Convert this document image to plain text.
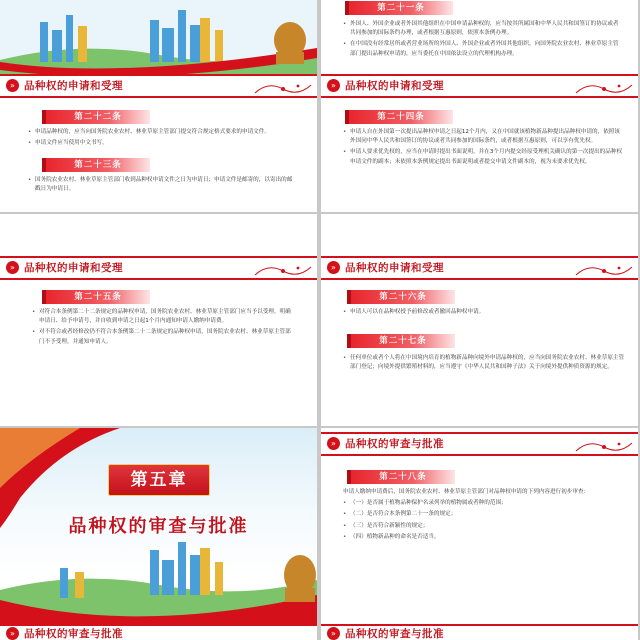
» 品种权的申请和受理
第二十二条

• 申请品种权的，应当向国务院农业农村、林业草原主管部门提交符合规定格式要求的申请文件。

• 申请文件应当使用中文书写。

第二十三条

• 国务院农业农村、林业草原主管部门收到品种权申请文件之日为申请日；申请文件是邮寄的，以寄出的邮戳日为申请日。

第二十一条

• 外国人、外国企业或者外国其他组织在中国申请品种权的，应当按其所属国和中华人民共和国签订的协议或者共同参加的国际条约办理，或者根据互惠原则，依照本条例办理。

• 在中国没有经常居所或者营业场所的外国人、外国企业或者外国其他组织，向国务院农业农村、林业草原主管部门提出品种权申请的，应当委托在中国依法设立的代理机构办理。

» 品种权的申请和受理
第二十四条

• 申请人自在外国第一次提出品种权申请之日起12个月内，又在中国就该植物新品种提出品种权申请的，依照该外国同中华人民共和国签订的协议或者共同参加的国际条约，或者根据互惠原则，可以享有优先权。

• 申请人要求优先权的，应当在申请时提出书面说明，并在3个月内提交经原受理机关确认的第一次提出的品种权申请文件的副本；未依照本条例规定提出书面说明或者提交申请文件副本的，视为未要求优先权。

» 品种权的申请和受理
第二十五条

• 对符合本条例第二十二条规定的品种权申请，国务院农业农村、林业草原主管部门应当予以受理，明确申请日、给予申请号，并自收到申请之日起1个月内通知申请人缴纳申请费。

• 对不符合或者经修改仍不符合本条例第二十二条规定的品种权申请，国务院农业农村、林业草原主管部门不予受理，并通知申请人。

» 品种权的申请和受理
第二十六条

• 申请人可以在品种权授予前修改或者撤回品种权申请。

第二十七条

• 任何单位或者个人将在中国境内培育的植物新品种向境外申请品种权的，应当向国务院农业农村、林业草原主管部门登记；向境外提供繁殖材料的，应当遵守《中华人民共和国种子法》关于向境外提供种质资源的规定。

第五章
品种权的审查与批准
» 品种权的审查与批准
» 品种权的审查与批准
第二十八条

申请人缴纳申请费后，国务院农业农村、林业草原主管部门对品种权申请的下列内容进行初步审查：

• （一）是否属于植物品种保护名录列举的植物属或者种的范围；

• （二）是否符合本条例第二十一条的规定；

• （三）是否符合新颖性的规定；

• （四）植物新品种的命名是否适当。

» 品种权的审查与批准
